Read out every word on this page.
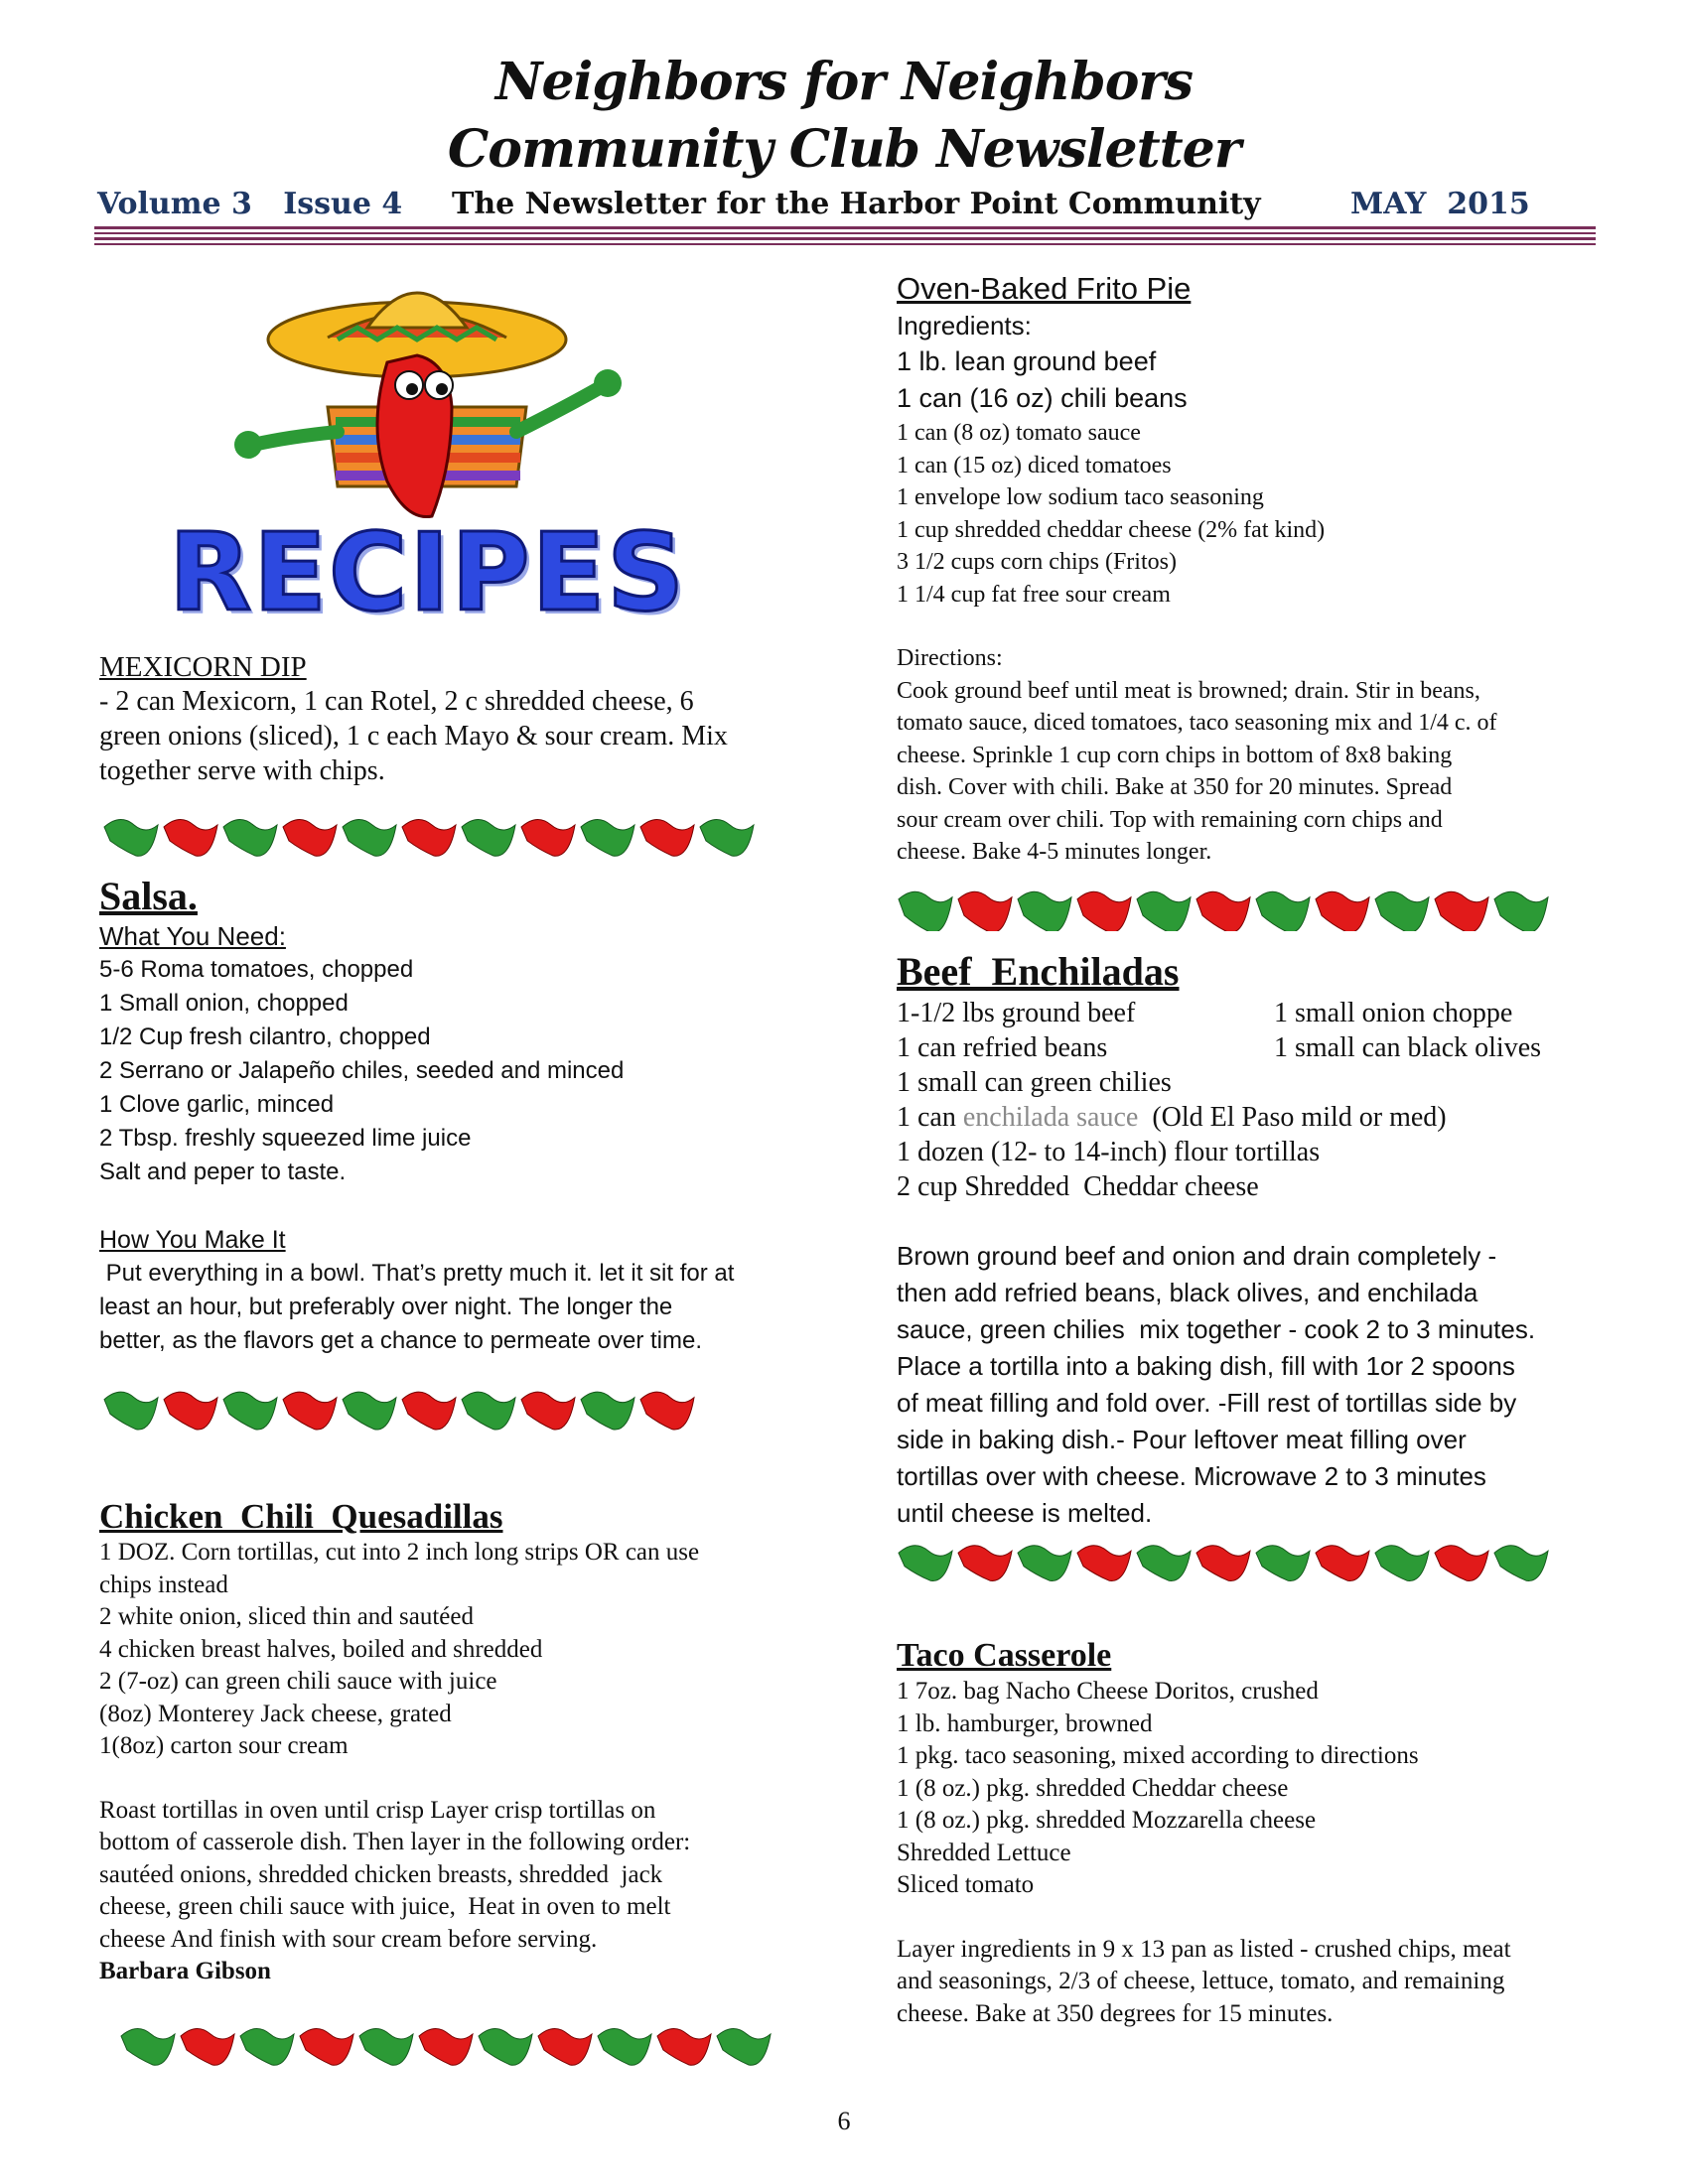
Neighbors for Neighbors
Community Club Newsletter
Volume 3   Issue 4 The Newsletter for the Harbor Point Community	MAY  2015
RECIPES
MEXICORN DIP
- 2 can Mexicorn, 1 can Rotel, 2 c shredded cheese, 6
green onions (sliced), 1 c each Mayo & sour cream. Mix
together serve with chips.
Salsa.
What You Need:
5-6 Roma tomatoes, chopped
1 Small onion, chopped
1/2 Cup fresh cilantro, chopped
2 Serrano or Jalapeño chiles, seeded and minced
1 Clove garlic, minced
2 Tbsp. freshly squeezed lime juice
Salt and peper to taste.
How You Make It
Put everything in a bowl. That’s pretty much it. let it sit for at
least an hour, but preferably over night. The longer the
better, as the flavors get a chance to permeate over time.
Chicken  Chili  Quesadillas
1 DOZ. Corn tortillas, cut into 2 inch long strips OR can use
chips instead
2 white onion, sliced thin and sautéed
4 chicken breast halves, boiled and shredded
2 (7-oz) can green chili sauce with juice
(8oz) Monterey Jack cheese, grated
1(8oz) carton sour cream
Roast tortillas in oven until crisp Layer crisp tortillas on
bottom of casserole dish. Then layer in the following order:
sautéed onions, shredded chicken breasts, shredded  jack
cheese, green chili sauce with juice,  Heat in oven to melt
cheese And finish with sour cream before serving.
Barbara Gibson
Oven-Baked Frito Pie
Ingredients:
1 lb. lean ground beef
1 can (16 oz) chili beans
1 can (8 oz) tomato sauce
1 can (15 oz) diced tomatoes
1 envelope low sodium taco seasoning
1 cup shredded cheddar cheese (2% fat kind)
3 1/2 cups corn chips (Fritos)
1 1/4 cup fat free sour cream
Directions:
Cook ground beef until meat is browned; drain. Stir in beans,
tomato sauce, diced tomatoes, taco seasoning mix and 1/4 c. of
cheese. Sprinkle 1 cup corn chips in bottom of 8x8 baking
dish. Cover with chili. Bake at 350 for 20 minutes. Spread
sour cream over chili. Top with remaining corn chips and
cheese. Bake 4-5 minutes longer.
Beef  Enchiladas
1-1/2 lbs ground beef
1 can refried beans
1 small onion choppe
1 small can black olives
1 small can green chilies
1 can enchilada sauce  (Old El Paso mild or med)
1 dozen (12- to 14-inch) flour tortillas
2 cup Shredded  Cheddar cheese
Brown ground beef and onion and drain completely -
then add refried beans, black olives, and enchilada
sauce, green chilies  mix together - cook 2 to 3 minutes.
Place a tortilla into a baking dish, fill with 1or 2 spoons
of meat filling and fold over. -Fill rest of tortillas side by
side in baking dish.- Pour leftover meat filling over
tortillas over with cheese. Microwave 2 to 3 minutes
until cheese is melted.
Taco Casserole
1 7oz. bag Nacho Cheese Doritos, crushed
1 lb. hamburger, browned
1 pkg. taco seasoning, mixed according to directions
1 (8 oz.) pkg. shredded Cheddar cheese
1 (8 oz.) pkg. shredded Mozzarella cheese
Shredded Lettuce
Sliced tomato
Layer ingredients in 9 x 13 pan as listed - crushed chips, meat
and seasonings, 2/3 of cheese, lettuce, tomato, and remaining
cheese. Bake at 350 degrees for 15 minutes.
6
